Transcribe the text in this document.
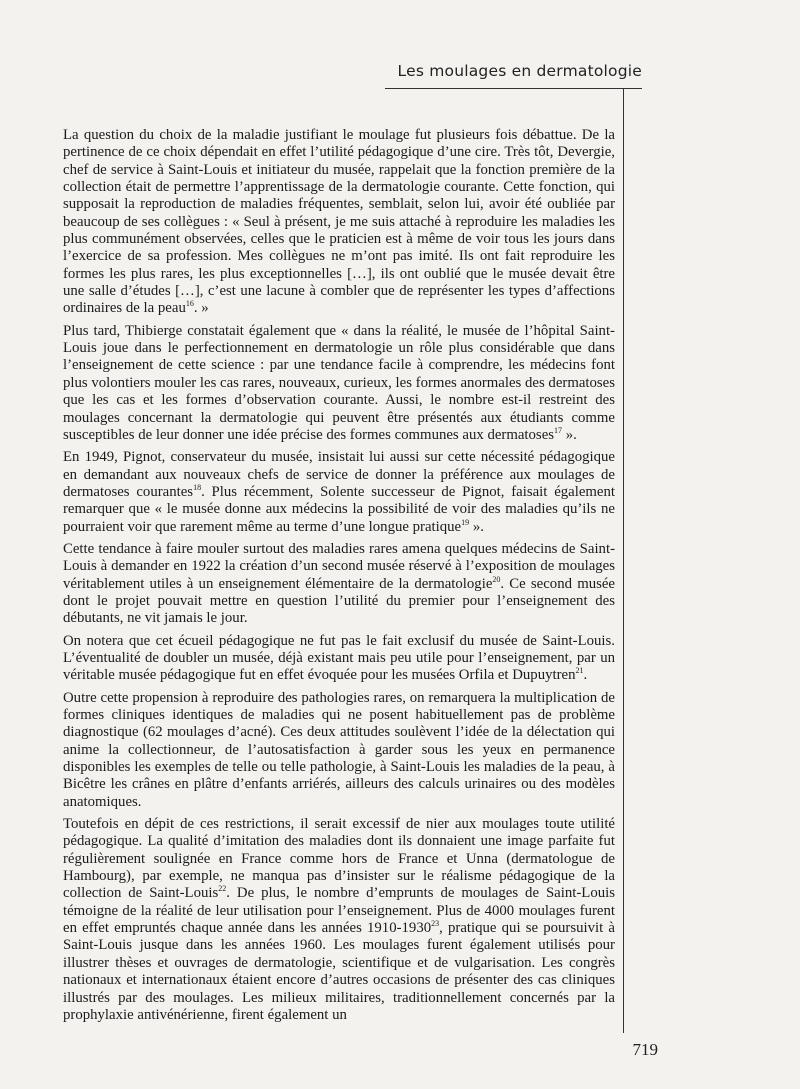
Les moulages en dermatologie

La question du choix de la maladie justifiant le moulage fut plusieurs fois débattue. De la pertinence de ce choix dépendait en effet l’utilité pédagogique d’une cire. Très tôt, Devergie, chef de service à Saint-Louis et initiateur du musée, rappelait que la fonction première de la collection était de permettre l’apprentissage de la dermatologie courante. Cette fonction, qui supposait la reproduction de maladies fréquentes, semblait, selon lui, avoir été oubliée par beaucoup de ses collègues : « Seul à présent, je me suis attaché à reproduire les maladies les plus communément observées, celles que le praticien est à même de voir tous les jours dans l’exercice de sa profession. Mes collègues ne m’ont pas imité. Ils ont fait reproduire les formes les plus rares, les plus exceptionnelles […], ils ont oublié que le musée devait être une salle d’études […], c’est une lacune à combler que de représenter les types d’affections ordinaires de la peau$^{16}$. »

Plus tard, Thibierge constatait également que « dans la réalité, le musée de l’hôpital Saint-Louis joue dans le perfectionnement en dermatologie un rôle plus considérable que dans l’enseignement de cette science : par une tendance facile à comprendre, les médecins font plus volontiers mouler les cas rares, nouveaux, curieux, les formes anormales des dermatoses que les cas et les formes d’observation courante. Aussi, le nombre est-il restreint des moulages concernant la dermatologie qui peuvent être présentés aux étudiants comme susceptibles de leur donner une idée précise des formes communes aux dermatoses$^{17}$ ».

En 1949, Pignot, conservateur du musée, insistait lui aussi sur cette nécessité pédagogique en demandant aux nouveaux chefs de service de donner la préférence aux moulages de dermatoses courantes$^{18}$. Plus récemment, Solente successeur de Pignot, faisait également remarquer que « le musée donne aux médecins la possibilité de voir des maladies qu’ils ne pourraient voir que rarement même au terme d’une longue pratique$^{19}$ ».

Cette tendance à faire mouler surtout des maladies rares amena quelques médecins de Saint-Louis à demander en 1922 la création d’un second musée réservé à l’exposition de moulages véritablement utiles à un enseignement élémentaire de la dermatologie$^{20}$. Ce second musée dont le projet pouvait mettre en question l’utilité du premier pour l’enseignement des débutants, ne vit jamais le jour.

On notera que cet écueil pédagogique ne fut pas le fait exclusif du musée de Saint-Louis. L’éventualité de doubler un musée, déjà existant mais peu utile pour l’enseignement, par un véritable musée pédagogique fut en effet évoquée pour les musées Orfila et Dupuytren$^{21}$.

Outre cette propension à reproduire des pathologies rares, on remarquera la multiplication de formes cliniques identiques de maladies qui ne posent habituellement pas de problème diagnostique (62 moulages d’acné). Ces deux attitudes soulèvent l’idée de la délectation qui anime la collectionneur, de l’autosatisfaction à garder sous les yeux en permanence disponibles les exemples de telle ou telle pathologie, à Saint-Louis les maladies de la peau, à Bicêtre les crânes en plâtre d’enfants arriérés, ailleurs des calculs urinaires ou des modèles anatomiques.

Toutefois en dépit de ces restrictions, il serait excessif de nier aux moulages toute utilité pédagogique. La qualité d’imitation des maladies dont ils donnaient une image parfaite fut régulièrement soulignée en France comme hors de France et Unna (dermatologue de Hambourg), par exemple, ne manqua pas d’insister sur le réalisme pédagogique de la collection de Saint-Louis$^{22}$. De plus, le nombre d’emprunts de moulages de Saint-Louis témoigne de la réalité de leur utilisation pour l’enseignement. Plus de 4000 moulages furent en effet empruntés chaque année dans les années 1910-1930$^{23}$, pratique qui se poursuivit à Saint-Louis jusque dans les années 1960. Les moulages furent également utilisés pour illustrer thèses et ouvrages de dermatologie, scientifique et de vulgarisation. Les congrès nationaux et internationaux étaient encore d’autres occasions de présenter des cas cliniques illustrés par des moulages. Les milieux militaires, traditionnellement concernés par la prophylaxie antivénérienne, firent également un

719
